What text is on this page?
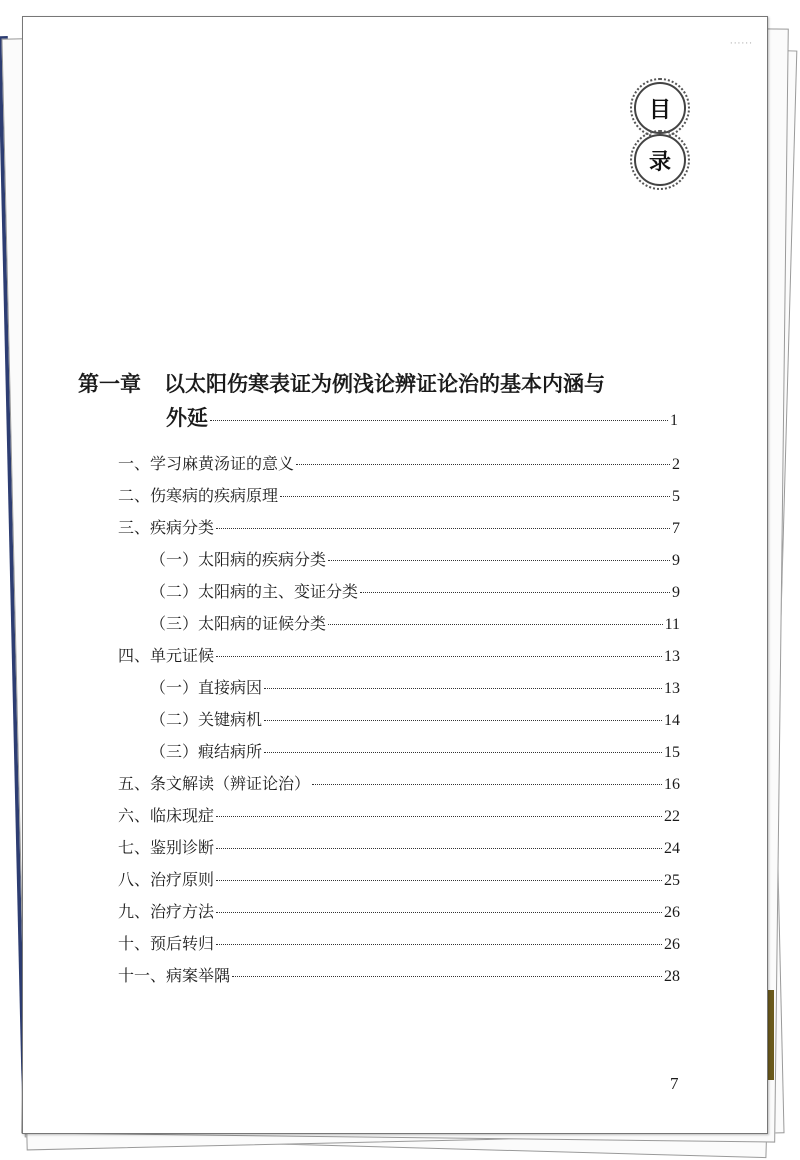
······
目
录
第一章	以太阳伤寒表证为例浅论辨证论治的基本内涵与
外延	1
一、学习麻黄汤证的意义	2
二、伤寒病的疾病原理	5
三、疾病分类	7
（一）太阳病的疾病分类	9
（二）太阳病的主、变证分类	9
（三）太阳病的证候分类	11
四、单元证候	13
（一）直接病因	13
（二）关键病机	14
（三）瘕结病所	15
五、条文解读（辨证论治）	16
六、临床现症	22
七、鉴别诊断	24
八、治疗原则	25
九、治疗方法	26
十、预后转归	26
十一、病案举隅	28
7
